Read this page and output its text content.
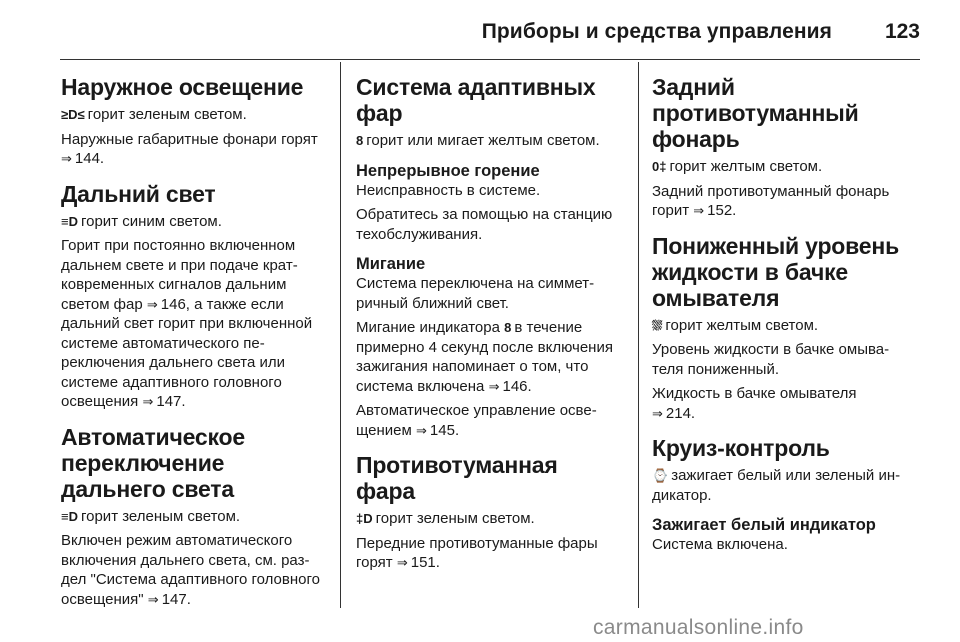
Приборы и средства управления	123
Наружное освещение

≥D≤ горит зеленым светом.

Наружные габаритные фонари горят ⇒ 144.

Дальний свет

≡D горит синим светом.

Горит при постоянно включенном дальнем свете и при подаче кратковременных сигналов дальним светом фар ⇒ 146, а также если дальний свет горит при включенной системе автоматического переключения дальнего света или системе адаптивного головного освещения ⇒ 147.

Автоматическое переключение дальнего света

≡D горит зеленым светом.

Включен режим автоматического включения дальнего света, см. раздел "Система адаптивного головного освещения" ⇒ 147.

Система адаптивных фар

8 горит или мигает желтым светом.

Непрерывное горение

Неисправность в системе.

Обратитесь за помощью на станцию техобслуживания.

Мигание

Система переключена на симметричный ближний свет.

Мигание индикатора 8 в течение примерно 4 секунд после включения зажигания напоминает о том, что система включена ⇒ 146.

Автоматическое управление освещением ⇒ 145.

Противотуманная фара

‡D горит зеленым светом.

Передние противотуманные фары горят ⇒ 151.

Задний противотуманный фонарь

0‡ горит желтым светом.

Задний противотуманный фонарь горит ⇒ 152.

Пониженный уровень жидкости в бачке омывателя

⛆ горит желтым светом.

Уровень жидкости в бачке омывателя пониженный.

Жидкость в бачке омывателя
⇒ 214.

Круиз-контроль

⌚ зажигает белый или зеленый индикатор.

Зажигает белый индикатор

Система включена.

carmanualsonline.info
